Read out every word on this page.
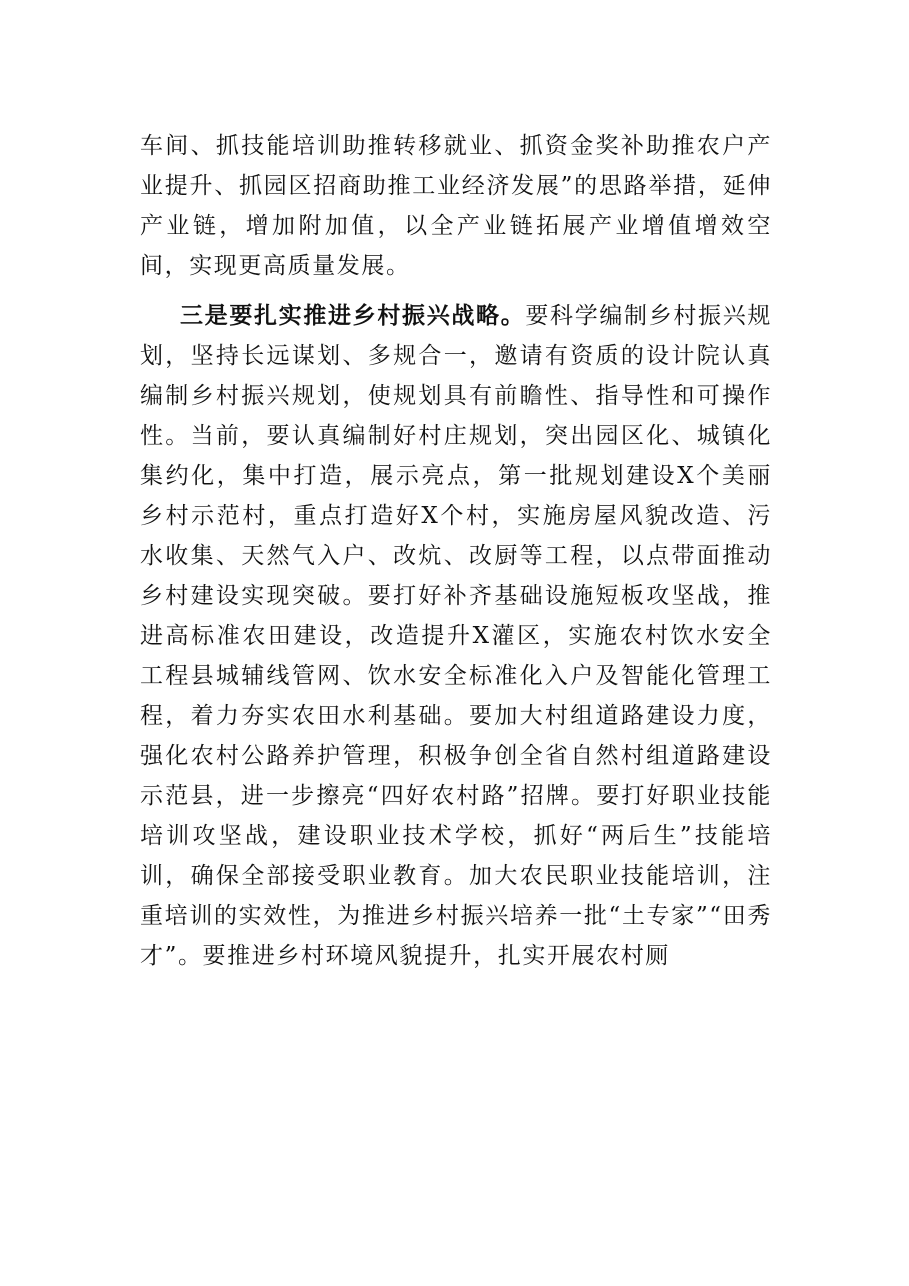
车间、抓技能培训助推转移就业、抓资金奖补助推农户产业提升、抓园区招商助推工业经济发展”的思路举措，延伸产业链，增加附加值，以全产业链拓展产业增值增效空间，实现更高质量发展。

三是要扎实推进乡村振兴战略。要科学编制乡村振兴规划，坚持长远谋划、多规合一，邀请有资质的设计院认真编制乡村振兴规划，使规划具有前瞻性、指导性和可操作性。当前，要认真编制好村庄规划，突出园区化、城镇化集约化，集中打造，展示亮点，第一批规划建设X个美丽乡村示范村，重点打造好X个村，实施房屋风貌改造、污水收集、天然气入户、改炕、改厨等工程，以点带面推动乡村建设实现突破。要打好补齐基础设施短板攻坚战，推进高标准农田建设，改造提升X灌区，实施农村饮水安全工程县城辅线管网、饮水安全标准化入户及智能化管理工程，着力夯实农田水利基础。要加大村组道路建设力度，强化农村公路养护管理，积极争创全省自然村组道路建设示范县，进一步擦亮“四好农村路”招牌。要打好职业技能培训攻坚战，建设职业技术学校，抓好“两后生”技能培训，确保全部接受职业教育。加大农民职业技能培训，注重培训的实效性，为推进乡村振兴培养一批“土专家”“田秀才”。要推进乡村环境风貌提升，扎实开展农村厕
